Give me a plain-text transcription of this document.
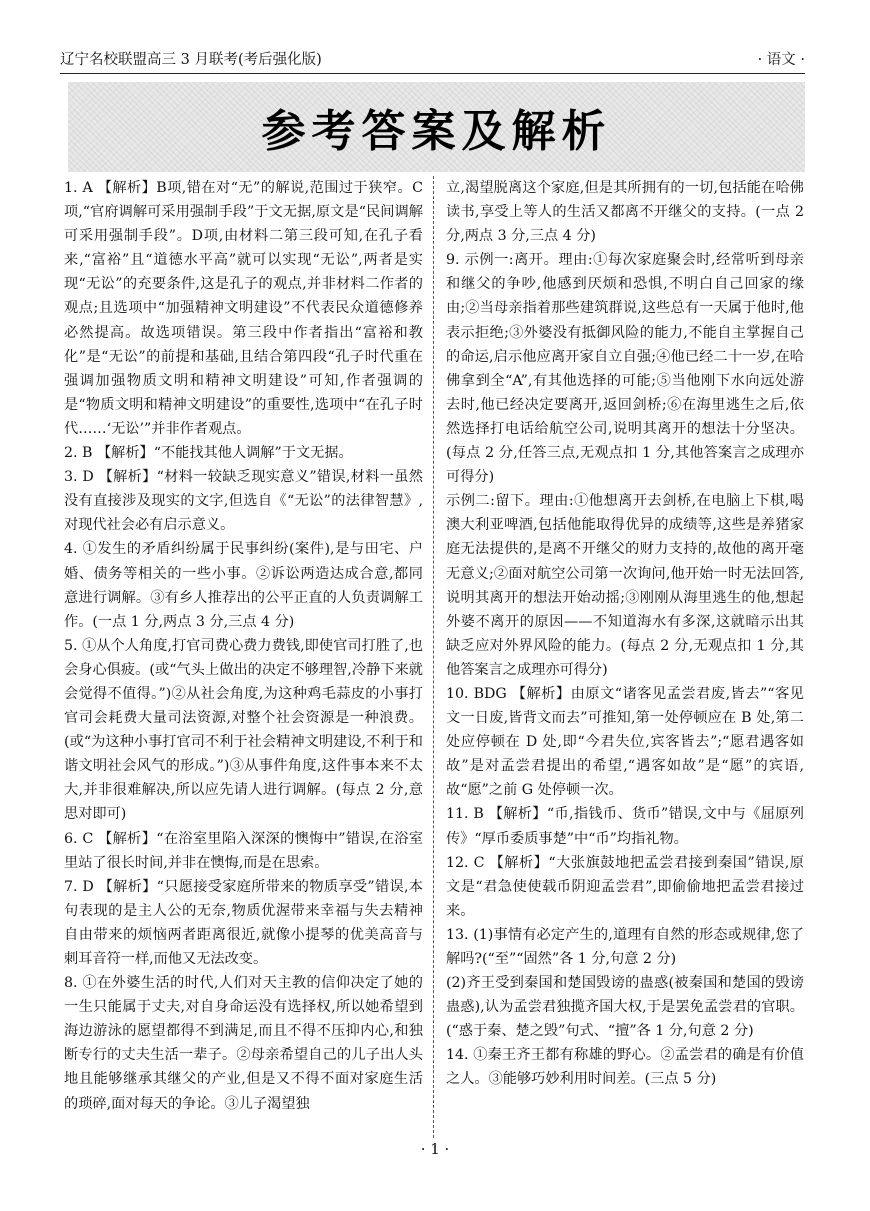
辽宁名校联盟高三 3 月联考(考后强化版)	· 语文 ·
参考答案及解析

1. A 【解析】B项,错在对“无”的解说,范围过于狭窄。C项,“官府调解可采用强制手段”于文无据,原文是“民间调解可采用强制手段”。D项,由材料二第三段可知,在孔子看来,“富裕”且“道德水平高”就可以实现“无讼”,两者是实现“无讼”的充要条件,这是孔子的观点,并非材料二作者的观点;且选项中“加强精神文明建设”不代表民众道德修养必然提高。故选项错误。第三段中作者指出“富裕和教化”是“无讼”的前提和基础,且结合第四段“孔子时代重在强调加强物质文明和精神文明建设”可知,作者强调的是“物质文明和精神文明建设”的重要性,选项中“在孔子时代……‘无讼’”并非作者观点。

2. B 【解析】“不能找其他人调解”于文无据。

3. D 【解析】“材料一较缺乏现实意义”错误,材料一虽然没有直接涉及现实的文字,但选自《“无讼”的法律智慧》,对现代社会必有启示意义。

4. ①发生的矛盾纠纷属于民事纠纷(案件),是与田宅、户婚、债务等相关的一些小事。②诉讼两造达成合意,都同意进行调解。③有乡人推荐出的公平正直的人负责调解工作。(一点 1 分,两点 3 分,三点 4 分)

5. ①从个人角度,打官司费心费力费钱,即使官司打胜了,也会身心俱疲。(或“气头上做出的决定不够理智,冷静下来就会觉得不值得。”)②从社会角度,为这种鸡毛蒜皮的小事打官司会耗费大量司法资源,对整个社会资源是一种浪费。(或“为这种小事打官司不利于社会精神文明建设,不利于和谐文明社会风气的形成。”)③从事件角度,这件事本来不太大,并非很难解决,所以应先请人进行调解。(每点 2 分,意思对即可)

6. C 【解析】“在浴室里陷入深深的懊悔中”错误,在浴室里站了很长时间,并非在懊悔,而是在思索。

7. D 【解析】“只愿接受家庭所带来的物质享受”错误,本句表现的是主人公的无奈,物质优渥带来幸福与失去精神自由带来的烦恼两者距离很近,就像小提琴的优美高音与刺耳音符一样,而他又无法改变。

8. ①在外婆生活的时代,人们对天主教的信仰决定了她的一生只能属于丈夫,对自身命运没有选择权,所以她希望到海边游泳的愿望都得不到满足,而且不得不压抑内心,和独断专行的丈夫生活一辈子。②母亲希望自己的儿子出人头地且能够继承其继父的产业,但是又不得不面对家庭生活的琐碎,面对每天的争论。③儿子渴望独

立,渴望脱离这个家庭,但是其所拥有的一切,包括能在哈佛读书,享受上等人的生活又都离不开继父的支持。(一点 2 分,两点 3 分,三点 4 分)

9. 示例一:离开。理由:①每次家庭聚会时,经常听到母亲和继父的争吵,他感到厌烦和恐惧,不明白自己回家的缘由;②当母亲指着那些建筑群说,这些总有一天属于他时,他表示拒绝;③外婆没有抵御风险的能力,不能自主掌握自己的命运,启示他应离开家自立自强;④他已经二十一岁,在哈佛拿到全“A”,有其他选择的可能;⑤当他刚下水向远处游去时,他已经决定要离开,返回剑桥;⑥在海里逃生之后,依然选择打电话给航空公司,说明其离开的想法十分坚决。(每点 2 分,任答三点,无观点扣 1 分,其他答案言之成理亦可得分)

示例二:留下。理由:①他想离开去剑桥,在电脑上下棋,喝澳大利亚啤酒,包括他能取得优异的成绩等,这些是养猪家庭无法提供的,是离不开继父的财力支持的,故他的离开毫无意义;②面对航空公司第一次询问,他开始一时无法回答,说明其离开的想法开始动摇;③刚刚从海里逃生的他,想起外婆不离开的原因——不知道海水有多深,这就暗示出其缺乏应对外界风险的能力。(每点 2 分,无观点扣 1 分,其他答案言之成理亦可得分)

10. BDG 【解析】由原文“诸客见孟尝君废,皆去”“客见文一日废,皆背文而去”可推知,第一处停顿应在 B 处,第二处应停顿在 D 处,即“今君失位,宾客皆去”;“愿君遇客如故”是对孟尝君提出的希望,“遇客如故”是“愿”的宾语,故“愿”之前 G 处停顿一次。

11. B 【解析】“币,指钱币、货币”错误,文中与《屈原列传》“厚币委质事楚”中“币”均指礼物。

12. C 【解析】“大张旗鼓地把孟尝君接到秦国”错误,原文是“君急使使载币阴迎孟尝君”,即偷偷地把孟尝君接过来。

13. (1)事情有必定产生的,道理有自然的形态或规律,您了解吗?(“至”“固然”各 1 分,句意 2 分)

(2)齐王受到秦国和楚国毁谤的蛊惑(被秦国和楚国的毁谤蛊惑),认为孟尝君独揽齐国大权,于是罢免孟尝君的官职。(“惑于秦、楚之毁”句式、“擅”各 1 分,句意 2 分)

14. ①秦王齐王都有称雄的野心。②孟尝君的确是有价值之人。③能够巧妙利用时间差。(三点 5 分)

· 1 ·
